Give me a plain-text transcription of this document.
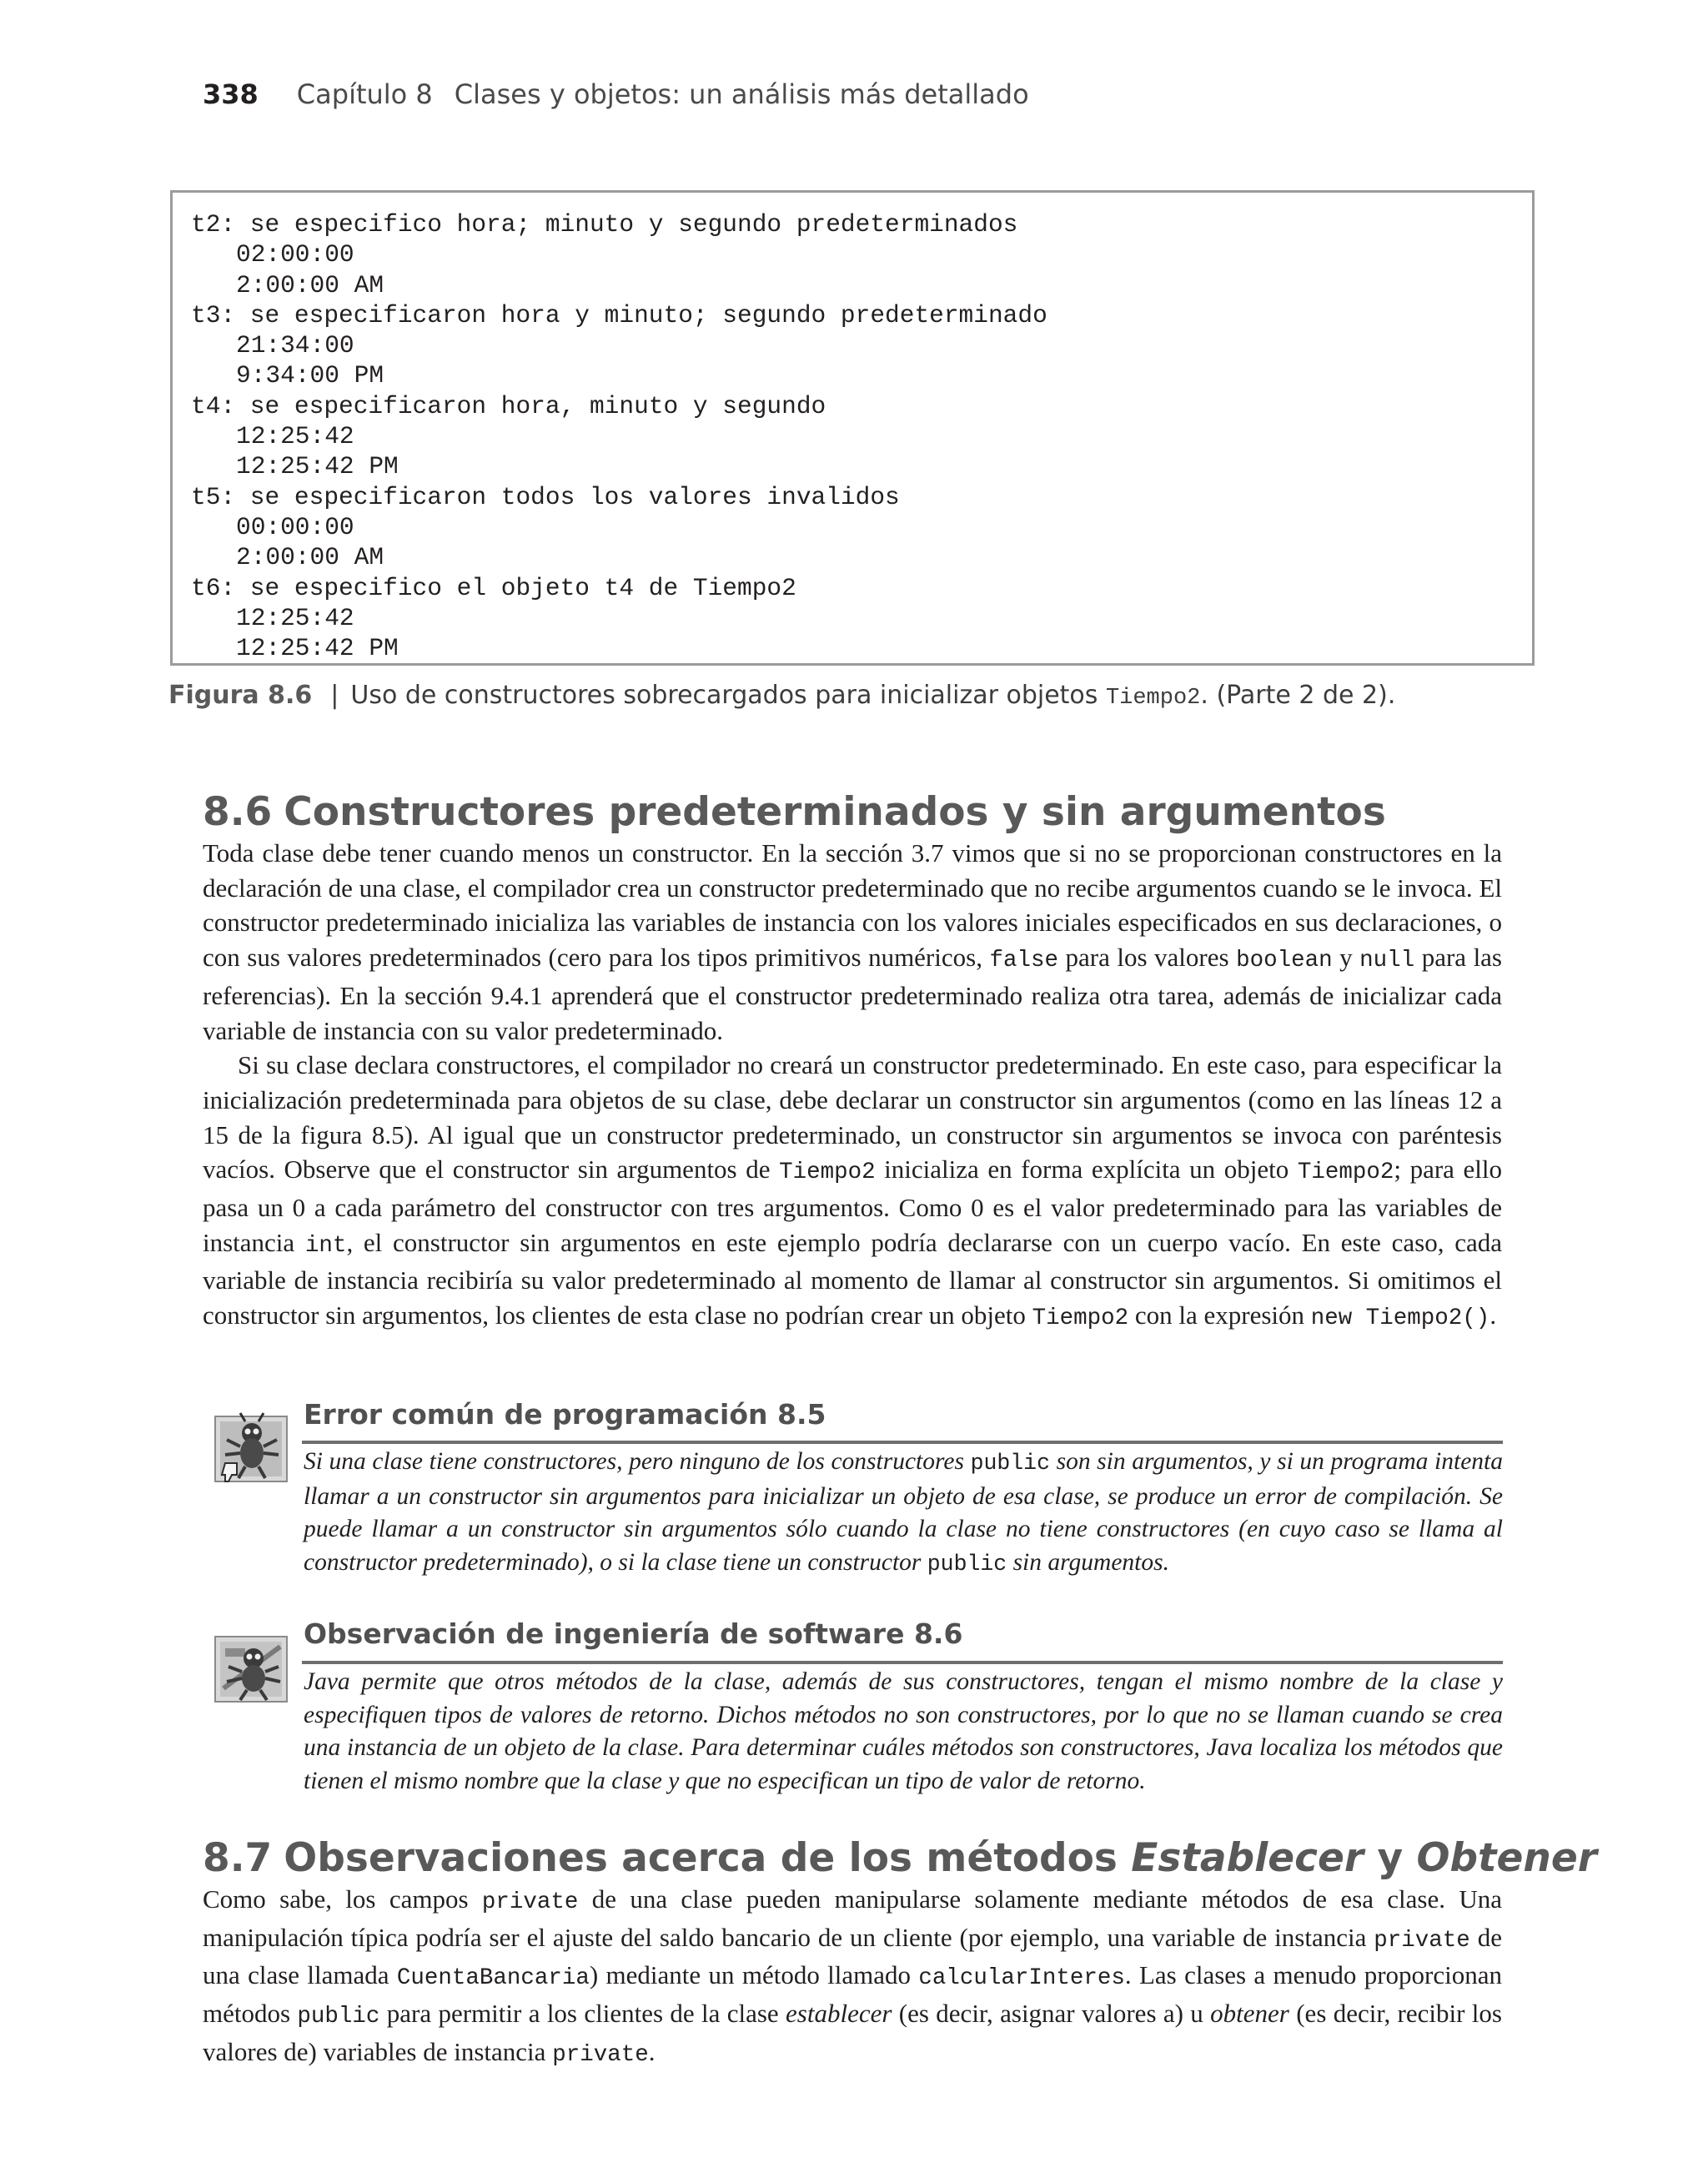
338 Capítulo 8 Clases y objetos: un análisis más detallado
t2: se especifico hora; minuto y segundo predeterminados
02:00:00
2:00:00 AM
t3: se especificaron hora y minuto; segundo predeterminado
21:34:00
9:34:00 PM
t4: se especificaron hora, minuto y segundo
12:25:42
12:25:42 PM
t5: se especificaron todos los valores invalidos
00:00:00
2:00:00 AM
t6: se especifico el objeto t4 de Tiempo2
12:25:42
12:25:42 PM
Figura 8.6 | Uso de constructores sobrecargados para inicializar objetos Tiempo2. (Parte 2 de 2).
8.6 Constructores predeterminados y sin argumentos

Toda clase debe tener cuando menos un constructor. En la sección 3.7 vimos que si no se proporcionan constructores en la declaración de una clase, el compilador crea un constructor predeterminado que no recibe argumentos cuando se le invoca. El constructor predeterminado inicializa las variables de instancia con los valores iniciales especificados en sus declaraciones, o con sus valores predeterminados (cero para los tipos primitivos numéricos, false para los valores boolean y null para las referencias). En la sección 9.4.1 aprenderá que el constructor predeterminado realiza otra tarea, además de inicializar cada variable de instancia con su valor predeterminado.

Si su clase declara constructores, el compilador no creará un constructor predeterminado. En este caso, para especificar la inicialización predeterminada para objetos de su clase, debe declarar un constructor sin argumentos (como en las líneas 12 a 15 de la figura 8.5). Al igual que un constructor predeterminado, un constructor sin argumentos se invoca con paréntesis vacíos. Observe que el constructor sin argumentos de Tiempo2 inicializa en forma explícita un objeto Tiempo2; para ello pasa un 0 a cada parámetro del constructor con tres argumentos. Como 0 es el valor predeterminado para las variables de instancia int, el constructor sin argumentos en este ejemplo podría declararse con un cuerpo vacío. En este caso, cada variable de instancia recibiría su valor predeterminado al momento de llamar al constructor sin argumentos. Si omitimos el constructor sin argumentos, los clientes de esta clase no podrían crear un objeto Tiempo2 con la expresión new Tiempo2().

Error común de programación 8.5

Si una clase tiene constructores, pero ninguno de los constructores public son sin argumentos, y si un programa intenta llamar a un constructor sin argumentos para inicializar un objeto de esa clase, se produce un error de compilación. Se puede llamar a un constructor sin argumentos sólo cuando la clase no tiene constructores (en cuyo caso se llama al constructor predeterminado), o si la clase tiene un constructor public sin argumentos.

Observación de ingeniería de software 8.6

Java permite que otros métodos de la clase, además de sus constructores, tengan el mismo nombre de la clase y especifiquen tipos de valores de retorno. Dichos métodos no son constructores, por lo que no se llaman cuando se crea una instancia de un objeto de la clase. Para determinar cuáles métodos son constructores, Java localiza los métodos que tienen el mismo nombre que la clase y que no especifican un tipo de valor de retorno.

8.7 Observaciones acerca de los métodos Establecer y Obtener

Como sabe, los campos private de una clase pueden manipularse solamente mediante métodos de esa clase. Una manipulación típica podría ser el ajuste del saldo bancario de un cliente (por ejemplo, una variable de instancia private de una clase llamada CuentaBancaria) mediante un método llamado calcularInteres. Las clases a menudo proporcionan métodos public para permitir a los clientes de la clase establecer (es decir, asignar valores a) u obtener (es decir, recibir los valores de) variables de instancia private.
